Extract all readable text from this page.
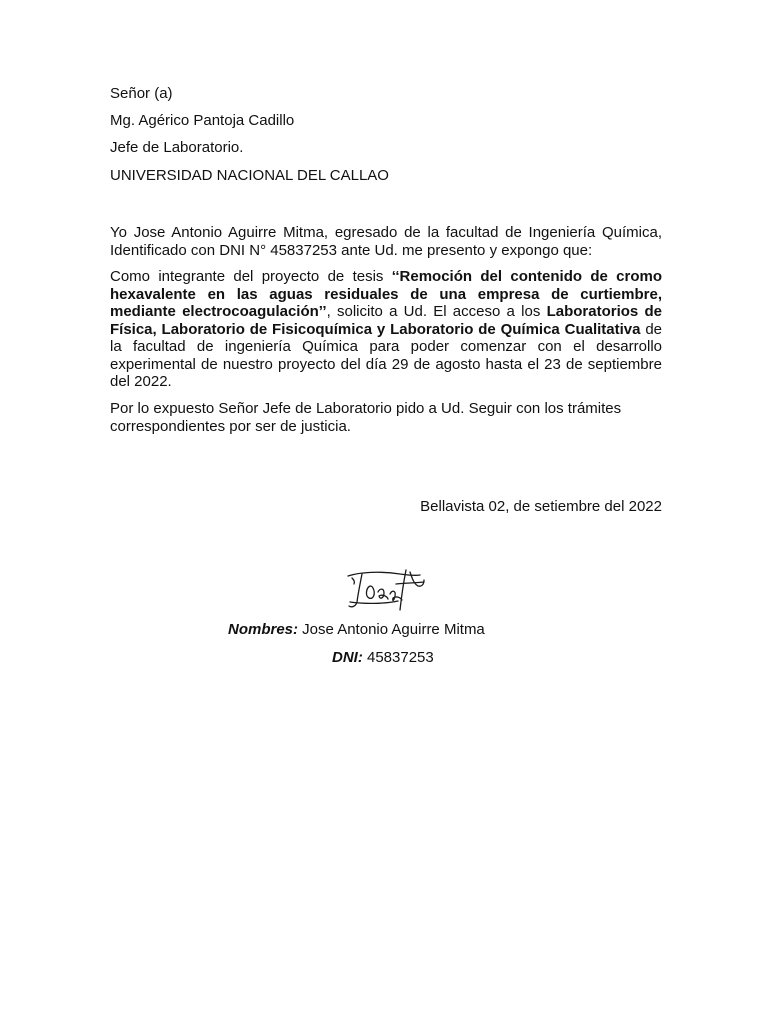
Señor (a)
Mg. Agérico Pantoja Cadillo
Jefe de Laboratorio.
UNIVERSIDAD NACIONAL DEL CALLAO
Yo Jose Antonio Aguirre Mitma, egresado de la facultad de Ingeniería Química, Identificado con DNI N° 45837253 ante Ud. me presento y expongo que:
Como integrante del proyecto de tesis ‘‘Remoción del contenido de cromo hexavalente en las aguas residuales de una empresa de curtiembre, mediante electrocoagulación’’, solicito a Ud. El acceso a los Laboratorios de Física, Laboratorio de Fisicoquímica y Laboratorio de Química Cualitativa de la facultad de ingeniería Química para poder comenzar con el desarrollo experimental de nuestro proyecto del día 29 de agosto hasta el 23 de septiembre del 2022.
Por lo expuesto Señor Jefe de Laboratorio pido a Ud. Seguir con los trámites correspondientes por ser de justicia.
Bellavista 02, de setiembre del 2022
Nombres: Jose Antonio Aguirre Mitma
DNI: 45837253
